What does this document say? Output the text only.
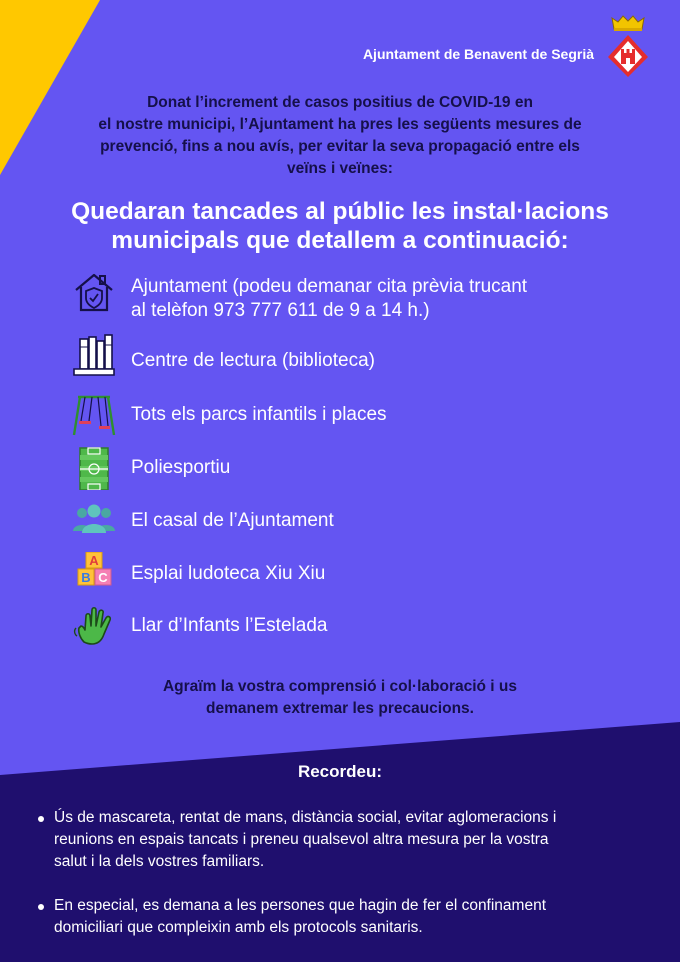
Ajuntament de Benavent de Segrià
Donat l’increment de casos positius de COVID-19 en
el nostre municipi, l’Ajuntament ha pres les següents mesures de
prevenció, fins a nou avís, per evitar la seva propagació entre els
veïns i veïnes:
Quedaran tancades al públic les instal·lacions
municipals que detallem a continuació:
Ajuntament (podeu demanar cita prèvia trucant
al telèfon 973 777 611 de 9 a 14 h.)
Centre de lectura (biblioteca)
Tots els parcs infantils i places
Poliesportiu
El casal de l’Ajuntament
A
B C Esplai ludoteca Xiu Xiu
Llar d’Infants l’Estelada
Agraïm la vostra comprensió i col·laboració i us
demanem extremar les precaucions.
Recordeu:
Ús de mascareta, rentat de mans, distància social, evitar aglomeracions i
reunions en espais tancats i preneu qualsevol altra mesura per la vostra
salut i la dels vostres familiars.
En especial, es demana a les persones que hagin de fer el confinament
domiciliari que compleixin amb els protocols sanitaris.
